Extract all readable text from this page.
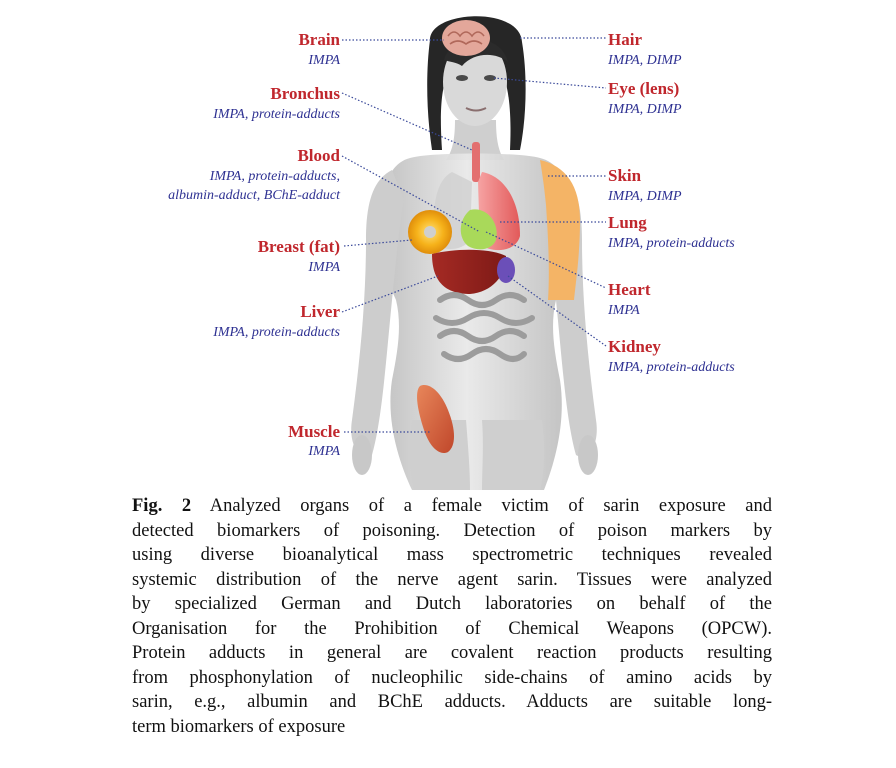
Brain
IMPA
Bronchus
IMPA, protein-adducts
Blood
IMPA, protein-adducts,
albumin-adduct, BChE-adduct
Breast (fat)
IMPA
Liver
IMPA, protein-adducts
Muscle
IMPA
Hair
IMPA, DIMP
Eye (lens)
IMPA, DIMP
Skin
IMPA, DIMP
Lung
IMPA, protein-adducts
Heart
IMPA
Kidney
IMPA, protein-adducts

Fig. 2 Analyzed organs of a female victim of sarin exposure and
detected biomarkers of poisoning. Detection of poison markers by
using diverse bioanalytical mass spectrometric techniques revealed
systemic distribution of the nerve agent sarin. Tissues were analyzed
by specialized German and Dutch laboratories on behalf of the
Organisation for the Prohibition of Chemical Weapons (OPCW).
Protein adducts in general are covalent reaction products resulting
from phosphonylation of nucleophilic side-chains of amino acids by
sarin, e.g., albumin and BChE adducts. Adducts are suitable long-
term biomarkers of exposure
